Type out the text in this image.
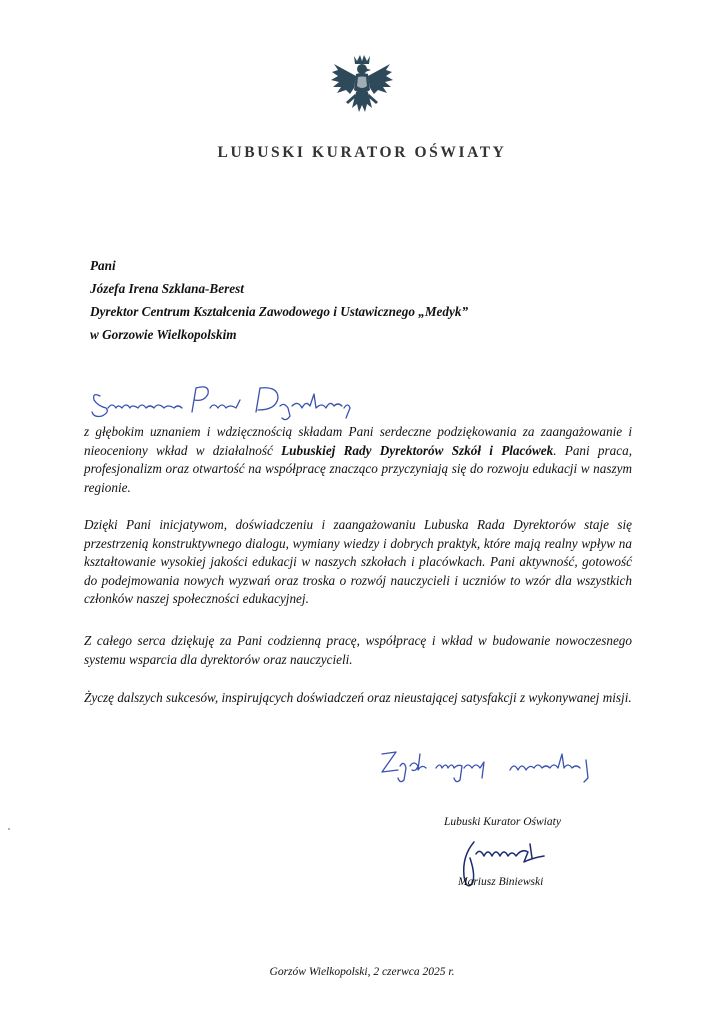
LUBUSKI KURATOR OŚWIATY
Pani
Józefa Irena Szklana-Berest
Dyrektor Centrum Kształcenia Zawodowego i Ustawicznego „Medyk”
w Gorzowie Wielkopolskim

z głębokim uznaniem i wdzięcznością składam Pani serdeczne podziękowania za zaangażowanie i nieoceniony wkład w działalność Lubuskiej Rady Dyrektorów Szkół i Placówek. Pani praca, profesjonalizm oraz otwartość na współpracę znacząco przyczyniają się do rozwoju edukacji w naszym regionie.

Dzięki Pani inicjatywom, doświadczeniu i zaangażowaniu Lubuska Rada Dyrektorów staje się przestrzenią konstruktywnego dialogu, wymiany wiedzy i dobrych praktyk, które mają realny wpływ na kształtowanie wysokiej jakości edukacji w naszych szkołach i placówkach. Pani aktywność, gotowość do podejmowania nowych wyzwań oraz troska o rozwój nauczycieli i uczniów to wzór dla wszystkich członków naszej społeczności edukacyjnej.

Z całego serca dziękuję za Pani codzienną pracę, współpracę i wkład w budowanie nowoczesnego systemu wsparcia dla dyrektorów oraz nauczycieli.

Życzę dalszych sukcesów, inspirujących doświadczeń oraz nieustającej satysfakcji z wykonywanej misji.

Lubuski Kurator Oświaty
Mariusz Biniewski
Gorzów Wielkopolski, 2 czerwca 2025 r.
